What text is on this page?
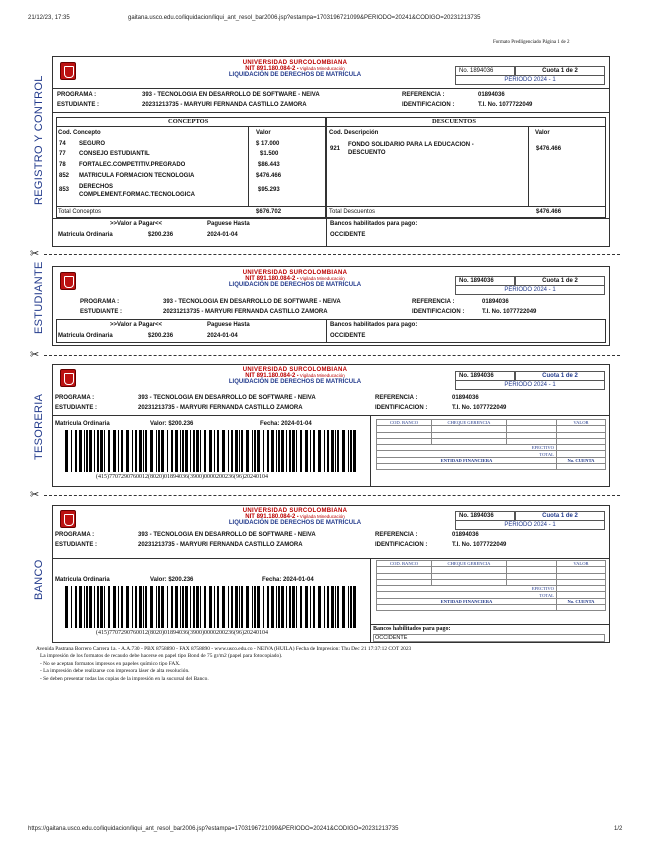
21/12/23, 17:35	gaitana.usco.edu.co/liquidacion/liqui_ant_resol_bar2006.jsp?estampa=1703196721099&PERIODO=20241&CODIGO=20231213735
Formato Predligenciado Página 1 de 2
https://gaitana.usco.edu.co/liquidacion/liqui_ant_resol_bar2006.jsp?estampa=1703196721099&PERIODO=20241&CODIGO=20231213735	1/2
REGISTRO Y CONTROL
UNIVERSIDAD SURCOLOMBIANA
NIT 891.180.084-2 • Vigilada Mineducación
LIQUIDACIÓN DE DERECHOS DE MATRÍCULA
No. 1894036	Cuota 1 de 2
PERIODO 2024 - 1
PROGRAMA :	393 - TECNOLOGIA EN DESARROLLO DE SOFTWARE - NEIVA	REFERENCIA :	01894036
ESTUDIANTE :	20231213735 - MARYURI FERNANDA CASTILLO ZAMORA	IDENTIFICACION :	T.I. No. 1077722049
CONCEPTOS
Cod. Concepto	Valor
74 SEGURO	$ 17.000
77 CONSEJO ESTUDIANTIL	$1.500
78 FORTALEC.COMPETITIV.PREGRADO	$86.443
852 MATRICULA FORMACION TECNOLOGIA	$476.466
853 DERECHOS COMPLEMENT.FORMAC.TECNOLOGICA
$95.293
Total Conceptos	$676.702
DESCUENTOS
Cod. Descripción	Valor
921
FONDO SOLIDARIO PARA LA EDUCACION - DESCUENTO
$476.466
Total Descuentos	$476.466
>>Valor a Pagar<<	Paguese Hasta
Matricula Ordinaria	$200.236	2024-01-04
Bancos habilitados para pago:
OCCIDENTE
✂
ESTUDIANTE	UNIVERSIDAD SURCOLOMBIANA
NIT 891.180.084-2 • Vigilada Mineducación
LIQUIDACIÓN DE DERECHOS DE MATRÍCULA
No. 1894036	Cuota 1 de 2
PERIODO 2024 - 1
PROGRAMA :	393 - TECNOLOGIA EN DESARROLLO DE SOFTWARE - NEIVA	REFERENCIA :	01894036
ESTUDIANTE :	20231213735 - MARYURI FERNANDA CASTILLO ZAMORA	IDENTIFICACION :	T.I. No. 1077722049
>>Valor a Pagar<<	Paguese Hasta
Matricula Ordinaria	$200.236	2024-01-04
Bancos habilitados para pago:
OCCIDENTE
✂
TESORERIA
UNIVERSIDAD SURCOLOMBIANA
NIT 891.180.084-2 • Vigilada Mineducación
LIQUIDACIÓN DE DERECHOS DE MATRÍCULA
No. 1894036	Cuota 1 de 2
PERIODO 2024 - 1
PROGRAMA :	393 - TECNOLOGIA EN DESARROLLO DE SOFTWARE - NEIVA	REFERENCIA :	01894036
ESTUDIANTE :	20231213735 - MARYURI FERNANDA CASTILLO ZAMORA	IDENTIFICACION :	T.I. No. 1077722049
Matricula Ordinaria	Valor: $200.236	Fecha: 2024-01-04
(415)7707290760012(8020)01894036(3900)0000200236(96)20240104
COD. BANCO	CHEQUE GERENCIA		VALOR

EFECTIVO			
TOTAL			
ENTIDAD FINANCIERA			No. CUENTA

✂
BANCO
UNIVERSIDAD SURCOLOMBIANA
NIT 891.180.084-2 • Vigilada Mineducación
LIQUIDACIÓN DE DERECHOS DE MATRÍCULA
No. 1894036	Cuota 1 de 2
PERIODO 2024 - 1
PROGRAMA :	393 - TECNOLOGIA EN DESARROLLO DE SOFTWARE - NEIVA	REFERENCIA :	01894036
ESTUDIANTE :	20231213735 - MARYURI FERNANDA CASTILLO ZAMORA	IDENTIFICACION :	T.I. No. 1077722049
Matricula Ordinaria	Valor: $200.236	Fecha: 2024-01-04
(415)7707290760012(8020)01894036(3900)0000200236(96)20240104
COD. BANCO	CHEQUE GERENCIA		VALOR

EFECTIVO			
TOTAL			
ENTIDAD FINANCIERA			No. CUENTA

Bancos habilitados para pago:
OCCIDENTE
Avenida Pastrana Borrero Carrera 1a. - A.A.730 - PBX 8758890 - FAX 8758890 - www.usco.edu.co - NEIVA (HUILA) Fecha de Impresion: Thu Dec 21 17:37:12 COT 2023
La impresión de los formatos de recaudo debe hacerse en papel tipo Bond de 75 gr/m2 (papel para fotocopiado).
- No se aceptan formatos impresos en papeles químico tipo FAX.
- La impresión debe realizarse con impresora láser de alta resolución.
- Se deben presentar todas las copias de la impresión en la sucursal del Banco.
